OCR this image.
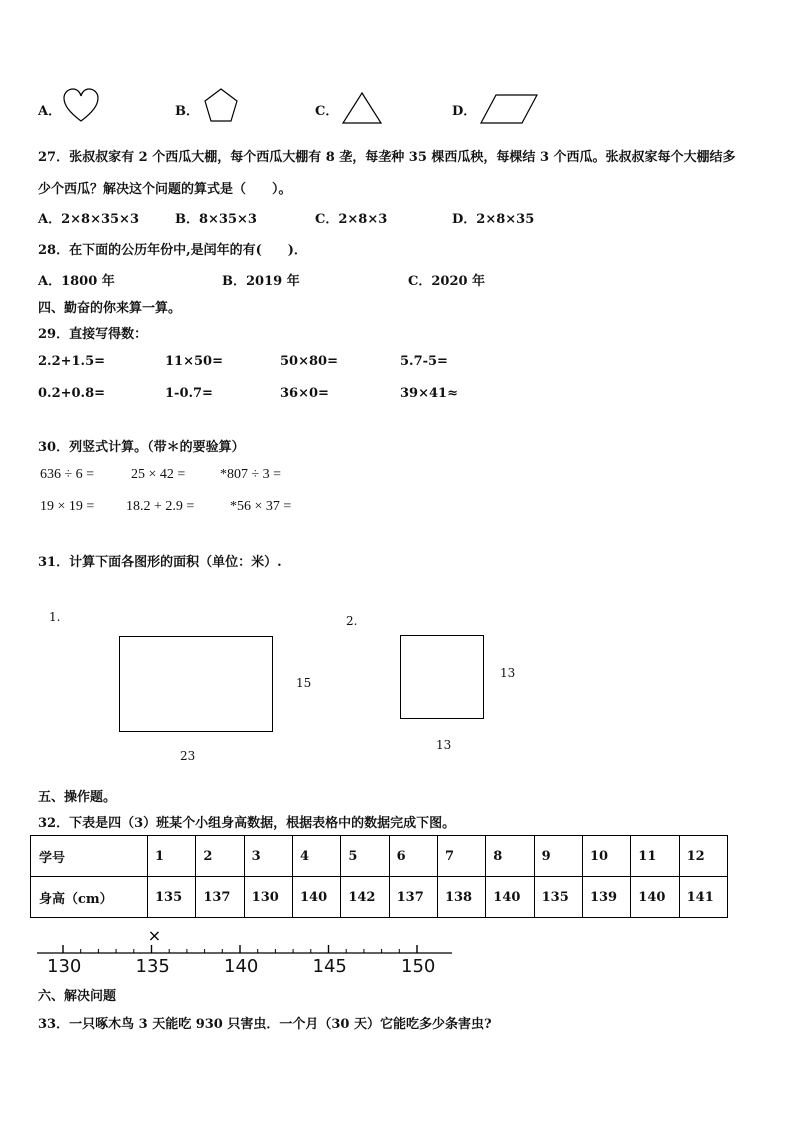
A．	B．	C．	D．
27．张叔叔家有 2 个西瓜大棚，每个西瓜大棚有 8 垄，每垄种 35 棵西瓜秧，每棵结 3 个西瓜。张叔叔家每个大棚结多
少个西瓜？解决这个问题的算式是（　　）。
A．2×8×35×3	B．8×35×3	C．2×8×3	D．2×8×35
28．在下面的公历年份中,是闰年的有(　　)．
A．1800 年	B．2019 年	C．2020 年
四、勤奋的你来算一算。
29．直接写得数：
2.2+1.5=	11×50=	50×80=	5.7-5=
0.2+0.8=	1-0.7=	36×0=	39×41≈
30．列竖式计算。（带＊的要验算）
636 ÷ 6 =	25 × 42 = *807 ÷ 3 =
19 × 19 = 18.2 + 2.9 =	*56 × 37 =
31．计算下面各图形的面积（单位：米）.
1.
15
23
2.
13
13
五、操作题。
32．下表是四（3）班某个小组身高数据，根据表格中的数据完成下图。
学号	1	2	3	4	5	6	7	8	9	10	11	12
身高（cm）	135	137	130	140	142	137	138	140	135	139	140	141
×
130	135	140	145	150
六、解决问题
33．一只啄木鸟 3 天能吃 930 只害虫．一个月（30 天）它能吃多少条害虫?
